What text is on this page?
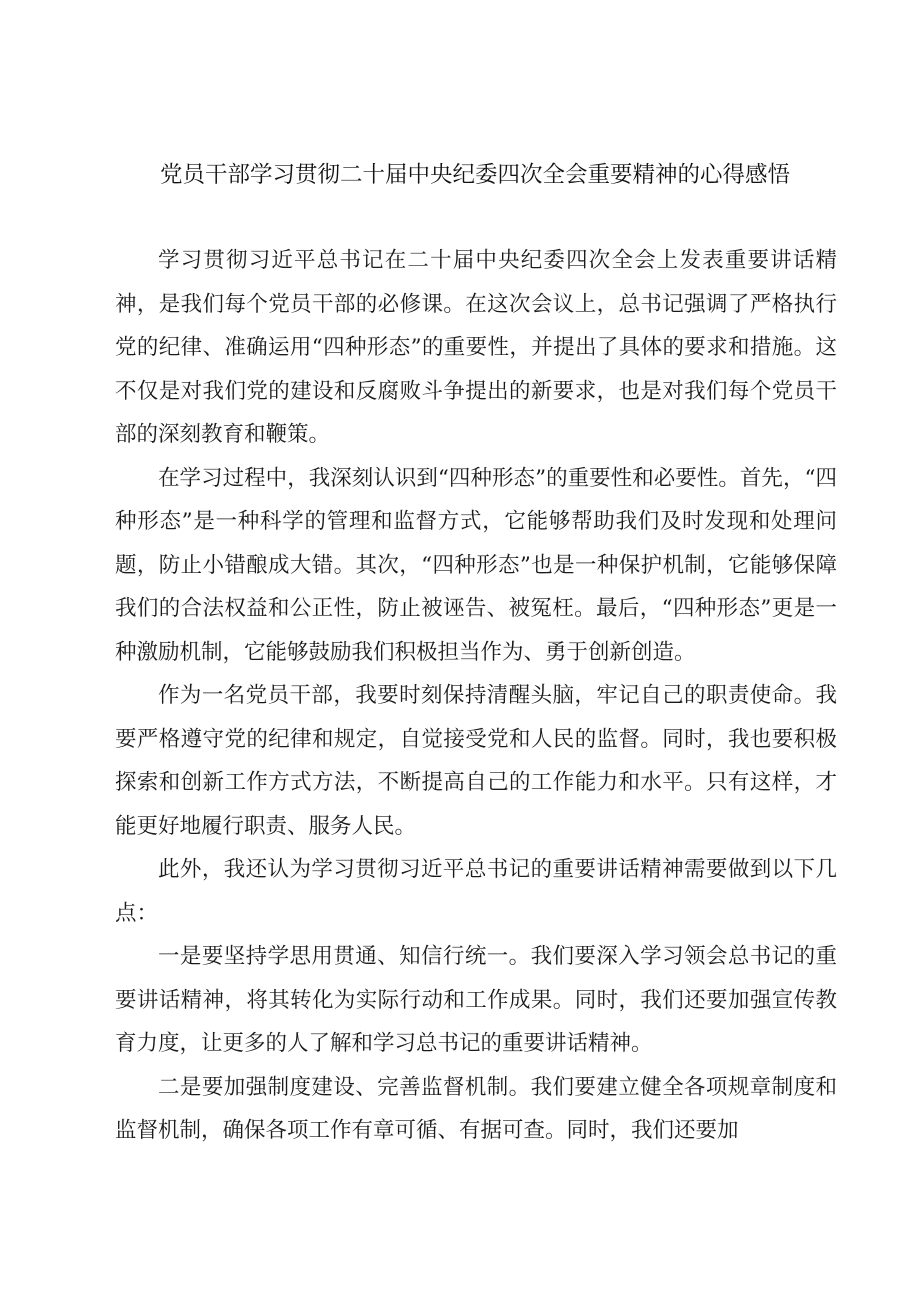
党员干部学习贯彻二十届中央纪委四次全会重要精神的心得感悟

学习贯彻习近平总书记在二十届中央纪委四次全会上发表重要讲话精神，是我们每个党员干部的必修课。在这次会议上，总书记强调了严格执行党的纪律、准确运用“四种形态”的重要性，并提出了具体的要求和措施。这不仅是对我们党的建设和反腐败斗争提出的新要求，也是对我们每个党员干部的深刻教育和鞭策。

在学习过程中，我深刻认识到“四种形态”的重要性和必要性。首先，“四种形态”是一种科学的管理和监督方式，它能够帮助我们及时发现和处理问题，防止小错酿成大错。其次，“四种形态”也是一种保护机制，它能够保障我们的合法权益和公正性，防止被诬告、被冤枉。最后，“四种形态”更是一种激励机制，它能够鼓励我们积极担当作为、勇于创新创造。

作为一名党员干部，我要时刻保持清醒头脑，牢记自己的职责使命。我要严格遵守党的纪律和规定，自觉接受党和人民的监督。同时，我也要积极探索和创新工作方式方法，不断提高自己的工作能力和水平。只有这样，才能更好地履行职责、服务人民。

此外，我还认为学习贯彻习近平总书记的重要讲话精神需要做到以下几点：

一是要坚持学思用贯通、知信行统一。我们要深入学习领会总书记的重要讲话精神，将其转化为实际行动和工作成果。同时，我们还要加强宣传教育力度，让更多的人了解和学习总书记的重要讲话精神。

二是要加强制度建设、完善监督机制。我们要建立健全各项规章制度和监督机制，确保各项工作有章可循、有据可查。同时，我们还要加
